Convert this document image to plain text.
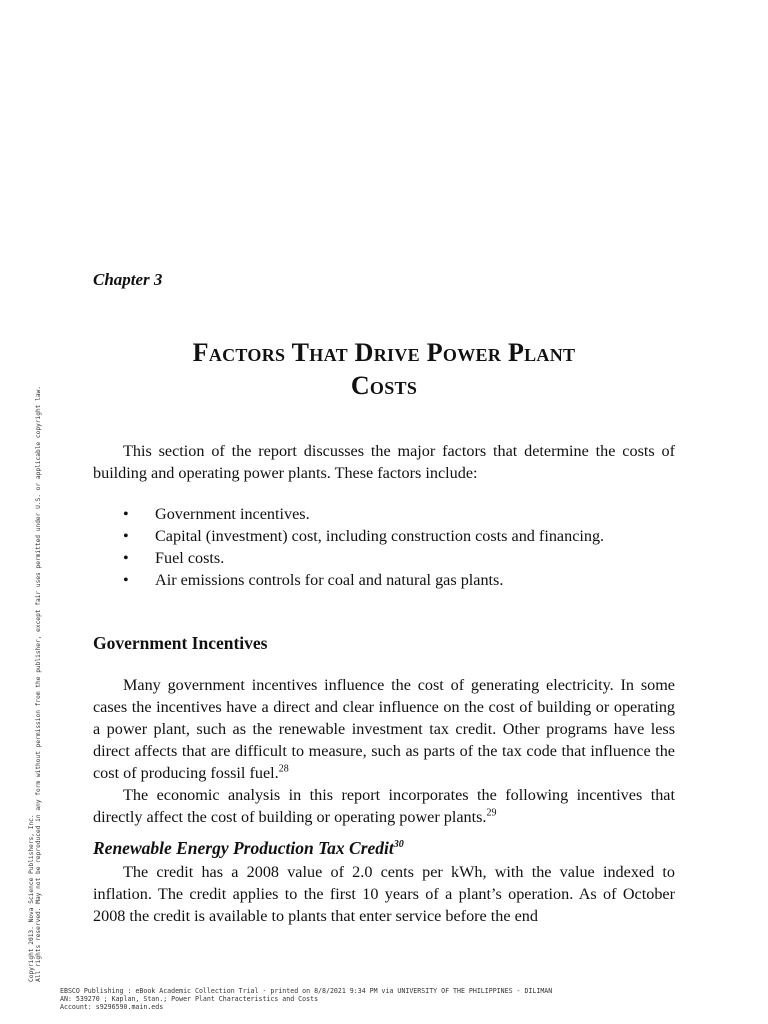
Chapter 3
Factors That Drive Power Plant
Costs

This section of the report discusses the major factors that determine the costs of building and operating power plants. These factors include:

• Government incentives.
• Capital (investment) cost, including construction costs and financing.
• Fuel costs.
• Air emissions controls for coal and natural gas plants.
Government Incentives

Many government incentives influence the cost of generating electricity. In some cases the incentives have a direct and clear influence on the cost of building or operating a power plant, such as the renewable investment tax credit. Other programs have less direct affects that are difficult to measure, such as parts of the tax code that influence the cost of producing fossil fuel.$^{28}$

The economic analysis in this report incorporates the following incentives that directly affect the cost of building or operating power plants.$^{29}$

Renewable Energy Production Tax Credit$^{30}$

The credit has a 2008 value of 2.0 cents per kWh, with the value indexed to inflation. The credit applies to the first 10 years of a plant’s operation. As of October 2008 the credit is available to plants that enter service before the end

Copyright 2013. Nova Science Publishers, Inc. All rights reserved. May not be reproduced in any form without permission from the publisher, except fair uses permitted under U.S. or applicable copyright law.
EBSCO Publishing : eBook Academic Collection Trial - printed on 8/8/2021 9:34 PM via UNIVERSITY OF THE PHILIPPINES - DILIMAN
AN: 539270 ; Kaplan, Stan.; Power Plant Characteristics and Costs
Account: s9296590.main.eds
